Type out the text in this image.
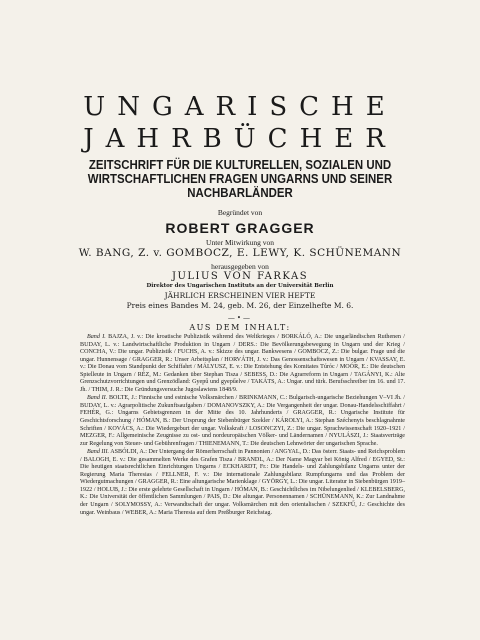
UNGARISCHE
JAHRBÜCHER
ZEITSCHRIFT FÜR DIE KULTURELLEN, SOZIALEN UND WIRTSCHAFTLICHEN FRAGEN UNGARNS UND SEINER NACHBARLÄNDER
Begründet von
ROBERT GRAGGER
Unter Mitwirkung von
W. BANG, Z. v. GOMBOCZ, E. LEWY, K. SCHÜNEMANN
herausgegeben von
JULIUS VON FARKAS
Direktor des Ungarischen Instituts an der Universität Berlin
JÄHRLICH ERSCHEINEN VIER HEFTE
Preis eines Bandes M. 24, geb. M. 26, der Einzelhefte M. 6.
—•—
AUS DEM INHALT:

Band I. BAJZA, J. v.: Die kroatische Publizistik während des Weltkrieges / BORKÁLÓ, A.: Die ungarländischen Ruthenen / BUDAY, L. v.: Landwirtschaftliche Produktion in Ungarn / DERS.: Die Bevölkerungsbewegung in Ungarn und der Krieg / CONCHA, V.: Die ungar. Publizistik / FUCHS, A. v.: Skizze des ungar. Bankwesens / GOMBOCZ, Z.: Die bulgar. Frage und die ungar. Hunnensage / GRAGGER, R.: Unser Arbeitsplan / HORVÁTH, J. v.: Das Genossenschaftswesen in Ungarn / KVASSAY, E. v.: Die Donau vom Standpunkt der Schiffahrt / MÁLYUSZ, E. v.: Die Entstehung des Komitates Túróc / MOÓR, E.: Die deutschen Spielleute in Ungarn / RÉZ, M.: Gedanken über Stephan Tisza / SEBESS, D.: Die Agrarreform in Ungarn / TAGÁNYI, K.: Alte Grenzschutzvorrichtungen und Grenzödland: Gyepű und gyepűelve / TAKÁTS, A.: Ungar. und türk. Berufsschreiber im 16. und 17. Jh. / THIM, J. R.: Die Gründungsversuche Jugoslawiens 1848/9.

Band II. BOLTE, J.: Finnische und estnische Volksmärchen / BRINKMANN, C.: Bulgarisch-ungarische Beziehungen V–VI Jh. / BUDAY, L. v.: Agrarpolitische Zukunftsaufgaben / DOMANOVSZKY, A.: Die Vergangenheit der ungar. Donau-Handelsschiffahrt / FEHÉR, G.: Ungarns Gebietsgrenzen in der Mitte des 10. Jahrhunderts / GRAGGER, R.: Ungarische Institute für Geschichtsforschung / HÓMAN, B.: Der Ursprung der Siebenbürger Szekler / KÁROLYI, A.: Stephan Széchenyis beschlagnahmte Schriften / KOVÁCS, A.: Die Wiedergeburt der ungar. Volkskraft / LOSONCZYI, Z.: Die ungar. Sprachwissenschaft 1920–1921 / MEZGER, F.: Allgemeinische Zeugnisse zu ost- und nordeuropäischen Völker- und Ländernamen / NYULÁSZI, J.: Staatsverträge zur Regelung von Steuer- und Gebührenfragen / THIENEMANN, T.: Die deutschen Lehnwörter der ungarischen Sprache.

Band III. ASBÓLDI, A.: Der Untergang der Römerherrschaft in Pannonien / ANGYAL, D.: Das österr. Staats- und Reichsproblem / BALOGH, E. v.: Die gesammelten Werke des Grafen Tisza / BRANDL, A.: Der Name Magyar bei König Alfred / EGYED, St.: Die heutigen staatsrechtlichen Einrichtungen Ungarns / ECKHARDT, Fr.: Die Handels- und Zahlungsbilanz Ungarns unter der Regierung Maria Theresias / FELLNER, F. v.: Die internationale Zahlungsbilanz Rumpfungarns und das Problem der Wiedergutmachungen / GRAGGER, R.: Eine altungarische Marienklage / GYÖRGY, L.: Die ungar. Literatur in Siebenbürgen 1919–1922 / HOLUB, J.: Die erste gelehrte Gesellschaft in Ungarn / HÓMAN, B.: Geschichtliches im Nibelungenlied / KLEBELSBERG, K.: Die Universität der öffentlichen Sammlungen / PAIS, D.: Die altungar. Personennamen / SCHÜNEMANN, K.: Zur Landnahme der Ungarn / SOLYMOSSY, A.: Verwandtschaft der ungar. Volksmärchen mit den orientalischen / SZEKFŰ, J.: Geschichte des ungar. Weinbaus / WEBER, A.: Maria Theresia auf dem Preßburger Reichstag.
